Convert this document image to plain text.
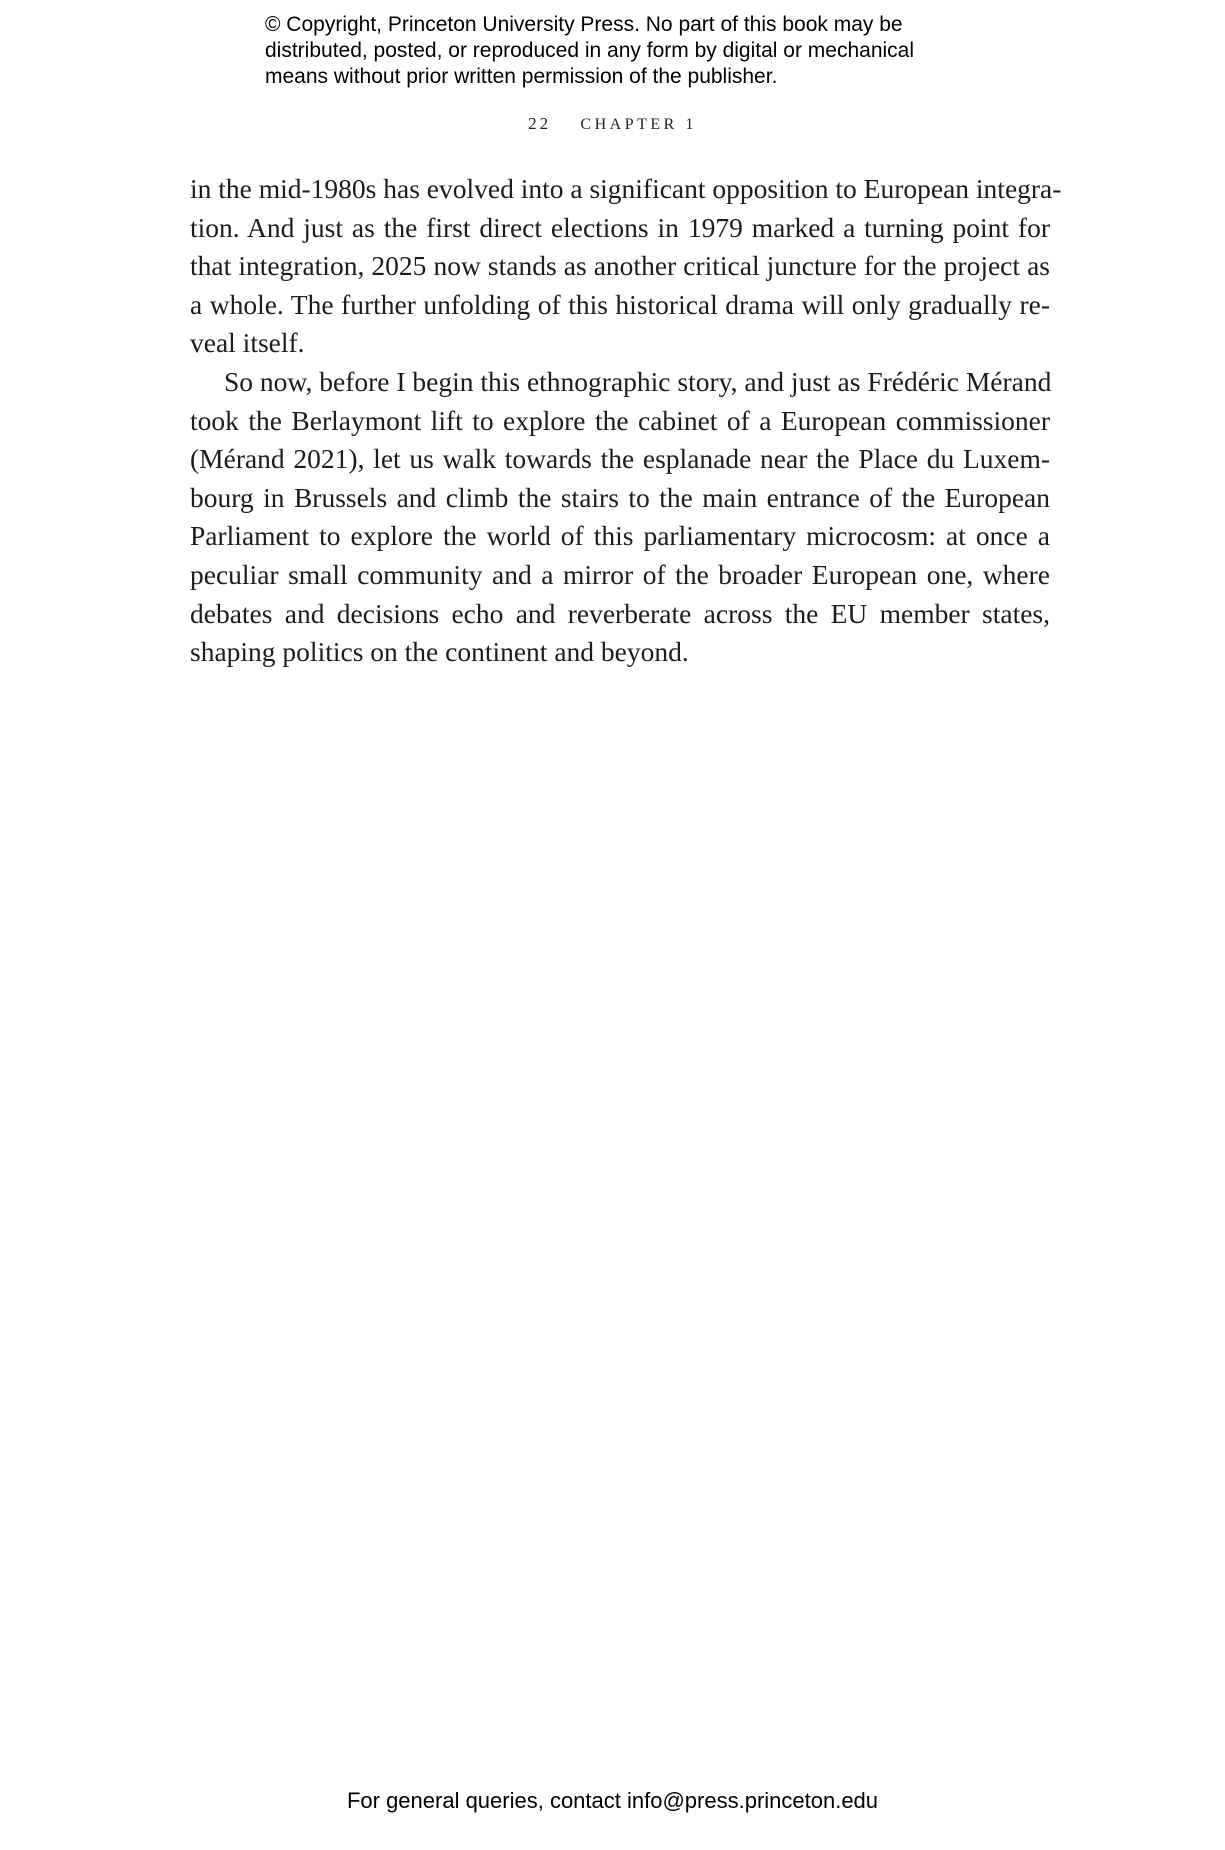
© Copyright, Princeton University Press. No part of this book may be
distributed, posted, or reproduced in any form by digital or mechanical
means without prior written permission of the publisher.
22 CHAPTER 1
in the mid-1980s has evolved into a significant opposition to European integra-
tion. And just as the first direct elections in 1979 marked a turning point for
that integration, 2025 now stands as another critical juncture for the project as
a whole. The further unfolding of this historical drama will only gradually re-
veal itself.
So now, before I begin this ethnographic story, and just as Frédéric Mérand
took the Berlaymont lift to explore the cabinet of a European commissioner
(Mérand 2021), let us walk towards the esplanade near the Place du Luxem-
bourg in Brussels and climb the stairs to the main entrance of the European
Parliament to explore the world of this parliamentary microcosm: at once a
peculiar small community and a mirror of the broader European one, where
debates and decisions echo and reverberate across the EU member states,
shaping politics on the continent and beyond.
For general queries, contact info@press.princeton.edu
